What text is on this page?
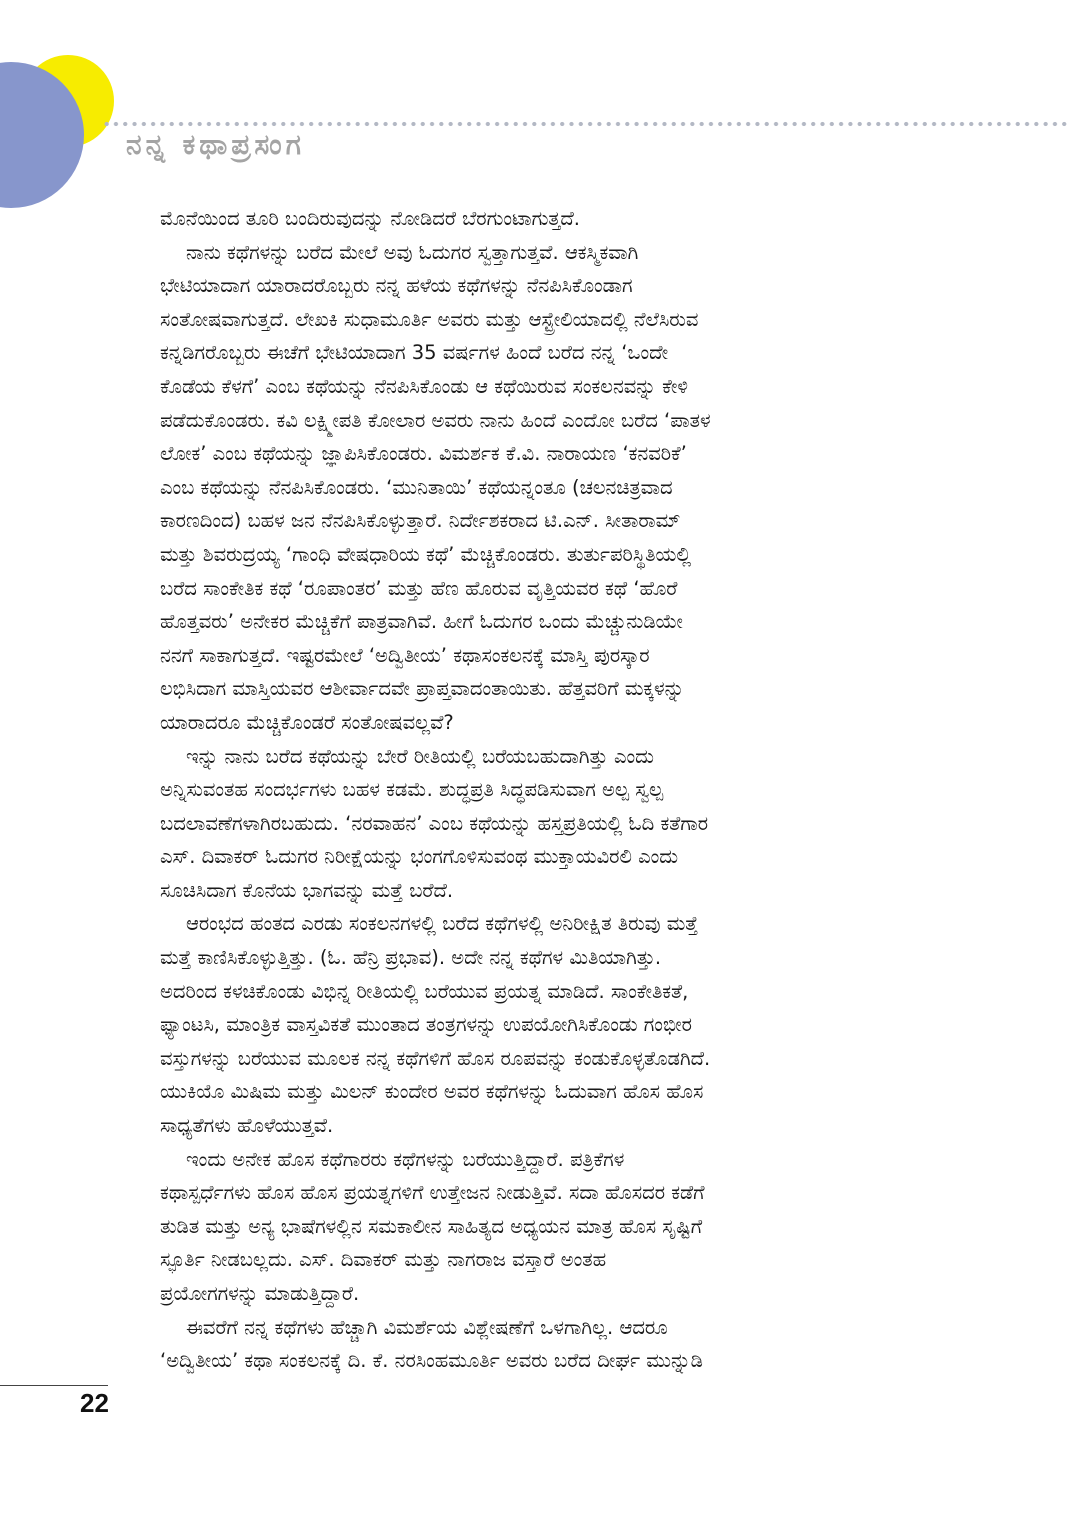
ನನ್ನ ಕಥಾಪ್ರಸಂಗ
ಮೊನೆಯಿಂದ ತೂರಿ ಬಂದಿರುವುದನ್ನು ನೋಡಿದರೆ ಬೆರಗುಂಟಾಗುತ್ತದೆ.
ನಾನು ಕಥೆಗಳನ್ನು ಬರೆದ ಮೇಲೆ ಅವು ಓದುಗರ ಸ್ವತ್ತಾಗುತ್ತವೆ. ಆಕಸ್ಮಿಕವಾಗಿ
ಭೇಟಿಯಾದಾಗ ಯಾರಾದರೊಬ್ಬರು ನನ್ನ ಹಳೆಯ ಕಥೆಗಳನ್ನು ನೆನಪಿಸಿಕೊಂಡಾಗ
ಸಂತೋಷವಾಗುತ್ತದೆ. ಲೇಖಕಿ ಸುಧಾಮೂರ್ತಿ ಅವರು ಮತ್ತು ಆಸ್ಟ್ರೇಲಿಯಾದಲ್ಲಿ ನೆಲೆಸಿರುವ
ಕನ್ನಡಿಗರೊಬ್ಬರು ಈಚೆಗೆ ಭೇಟಿಯಾದಾಗ 35 ವರ್ಷಗಳ ಹಿಂದೆ ಬರೆದ ನನ್ನ ‘ಒಂದೇ
ಕೊಡೆಯ ಕೆಳಗೆ’ ಎಂಬ ಕಥೆಯನ್ನು ನೆನಪಿಸಿಕೊಂಡು ಆ ಕಥೆಯಿರುವ ಸಂಕಲನವನ್ನು ಕೇಳಿ
ಪಡೆದುಕೊಂಡರು. ಕವಿ ಲಕ್ಷ್ಮೀಪತಿ ಕೋಲಾರ ಅವರು ನಾನು ಹಿಂದೆ ಎಂದೋ ಬರೆದ ‘ಪಾತಳ
ಲೋಕ’ ಎಂಬ ಕಥೆಯನ್ನು ಜ್ಞಾಪಿಸಿಕೊಂಡರು. ವಿಮರ್ಶಕ ಕೆ.ವಿ. ನಾರಾಯಣ ‘ಕನವರಿಕೆ’
ಎಂಬ ಕಥೆಯನ್ನು ನೆನಪಿಸಿಕೊಂಡರು. ‘ಮುನಿತಾಯಿ’ ಕಥೆಯನ್ನಂತೂ (ಚಲನಚಿತ್ರವಾದ
ಕಾರಣದಿಂದ) ಬಹಳ ಜನ ನೆನಪಿಸಿಕೊಳ್ಳುತ್ತಾರೆ. ನಿರ್ದೇಶಕರಾದ ಟಿ.ಎನ್. ಸೀತಾರಾಮ್
ಮತ್ತು ಶಿವರುದ್ರಯ್ಯ ‘ಗಾಂಧಿ ವೇಷಧಾರಿಯ ಕಥೆ’ ಮೆಚ್ಚಿಕೊಂಡರು. ತುರ್ತುಪರಿಸ್ಥಿತಿಯಲ್ಲಿ
ಬರೆದ ಸಾಂಕೇತಿಕ ಕಥೆ ‘ರೂಪಾಂತರ’ ಮತ್ತು ಹೆಣ ಹೊರುವ ವೃತ್ತಿಯವರ ಕಥೆ ‘ಹೊರೆ
ಹೊತ್ತವರು’ ಅನೇಕರ ಮೆಚ್ಚಿಕೆಗೆ ಪಾತ್ರವಾಗಿವೆ. ಹೀಗೆ ಓದುಗರ ಒಂದು ಮೆಚ್ಚುನುಡಿಯೇ
ನನಗೆ ಸಾಕಾಗುತ್ತದೆ. ಇಷ್ಟರಮೇಲೆ ‘ಅದ್ವಿತೀಯ’ ಕಥಾಸಂಕಲನಕ್ಕೆ ಮಾಸ್ತಿ ಪುರಸ್ಕಾರ
ಲಭಿಸಿದಾಗ ಮಾಸ್ತಿಯವರ ಆಶೀರ್ವಾದವೇ ಪ್ರಾಪ್ತವಾದಂತಾಯಿತು. ಹೆತ್ತವರಿಗೆ ಮಕ್ಕಳನ್ನು
ಯಾರಾದರೂ ಮೆಚ್ಚಿಕೊಂಡರೆ ಸಂತೋಷವಲ್ಲವೆ?
ಇನ್ನು ನಾನು ಬರೆದ ಕಥೆಯನ್ನು ಬೇರೆ ರೀತಿಯಲ್ಲಿ ಬರೆಯಬಹುದಾಗಿತ್ತು ಎಂದು
ಅನ್ನಿಸುವಂತಹ ಸಂದರ್ಭಗಳು ಬಹಳ ಕಡಮೆ. ಶುದ್ಧಪ್ರತಿ ಸಿದ್ಧಪಡಿಸುವಾಗ ಅಲ್ಪ ಸ್ವಲ್ಪ
ಬದಲಾವಣೆಗಳಾಗಿರಬಹುದು. ‘ನರವಾಹನ’ ಎಂಬ ಕಥೆಯನ್ನು ಹಸ್ತಪ್ರತಿಯಲ್ಲಿ ಓದಿ ಕತೆಗಾರ
ಎಸ್. ದಿವಾಕರ್ ಓದುಗರ ನಿರೀಕ್ಷೆಯನ್ನು ಭಂಗಗೊಳಿಸುವಂಥ ಮುಕ್ತಾಯವಿರಲಿ ಎಂದು
ಸೂಚಿಸಿದಾಗ ಕೊನೆಯ ಭಾಗವನ್ನು ಮತ್ತೆ ಬರೆದೆ.
ಆರಂಭದ ಹಂತದ ಎರಡು ಸಂಕಲನಗಳಲ್ಲಿ ಬರೆದ ಕಥೆಗಳಲ್ಲಿ ಅನಿರೀಕ್ಷಿತ ತಿರುವು ಮತ್ತೆ
ಮತ್ತೆ ಕಾಣಿಸಿಕೊಳ್ಳುತ್ತಿತ್ತು. (ಓ. ಹೆನ್ರಿ ಪ್ರಭಾವ). ಅದೇ ನನ್ನ ಕಥೆಗಳ ಮಿತಿಯಾಗಿತ್ತು.
ಅದರಿಂದ ಕಳಚಿಕೊಂಡು ವಿಭಿನ್ನ ರೀತಿಯಲ್ಲಿ ಬರೆಯುವ ಪ್ರಯತ್ನ ಮಾಡಿದೆ. ಸಾಂಕೇತಿಕತೆ,
ಫ್ಯಾಂಟಸಿ, ಮಾಂತ್ರಿಕ ವಾಸ್ತವಿಕತೆ ಮುಂತಾದ ತಂತ್ರಗಳನ್ನು ಉಪಯೋಗಿಸಿಕೊಂಡು ಗಂಭೀರ
ವಸ್ತುಗಳನ್ನು ಬರೆಯುವ ಮೂಲಕ ನನ್ನ ಕಥೆಗಳಿಗೆ ಹೊಸ ರೂಪವನ್ನು ಕಂಡುಕೊಳ್ಳತೊಡಗಿದೆ.
ಯುಕಿಯೊ ಮಿಷಿಮ ಮತ್ತು ಮಿಲನ್ ಕುಂದೇರ ಅವರ ಕಥೆಗಳನ್ನು ಓದುವಾಗ ಹೊಸ ಹೊಸ
ಸಾಧ್ಯತೆಗಳು ಹೊಳೆಯುತ್ತವೆ.
ಇಂದು ಅನೇಕ ಹೊಸ ಕಥೆಗಾರರು ಕಥೆಗಳನ್ನು ಬರೆಯುತ್ತಿದ್ದಾರೆ. ಪತ್ರಿಕೆಗಳ
ಕಥಾಸ್ಪರ್ಧೆಗಳು ಹೊಸ ಹೊಸ ಪ್ರಯತ್ನಗಳಿಗೆ ಉತ್ತೇಜನ ನೀಡುತ್ತಿವೆ. ಸದಾ ಹೊಸದರ ಕಡೆಗೆ
ತುಡಿತ ಮತ್ತು ಅನ್ಯ ಭಾಷೆಗಳಲ್ಲಿನ ಸಮಕಾಲೀನ ಸಾಹಿತ್ಯದ ಅಧ್ಯಯನ ಮಾತ್ರ ಹೊಸ ಸೃಷ್ಟಿಗೆ
ಸ್ಫೂರ್ತಿ ನೀಡಬಲ್ಲದು. ಎಸ್. ದಿವಾಕರ್ ಮತ್ತು ನಾಗರಾಜ ವಸ್ತಾರೆ ಅಂತಹ
ಪ್ರಯೋಗಗಳನ್ನು ಮಾಡುತ್ತಿದ್ದಾರೆ.
ಈವರೆಗೆ ನನ್ನ ಕಥೆಗಳು ಹೆಚ್ಚಾಗಿ ವಿಮರ್ಶೆಯ ವಿಶ್ಲೇಷಣೆಗೆ ಒಳಗಾಗಿಲ್ಲ. ಆದರೂ
‘ಅದ್ವಿತೀಯ’ ಕಥಾ ಸಂಕಲನಕ್ಕೆ ದಿ. ಕೆ. ನರಸಿಂಹಮೂರ್ತಿ ಅವರು ಬರೆದ ದೀರ್ಘ ಮುನ್ನುಡಿ
22
